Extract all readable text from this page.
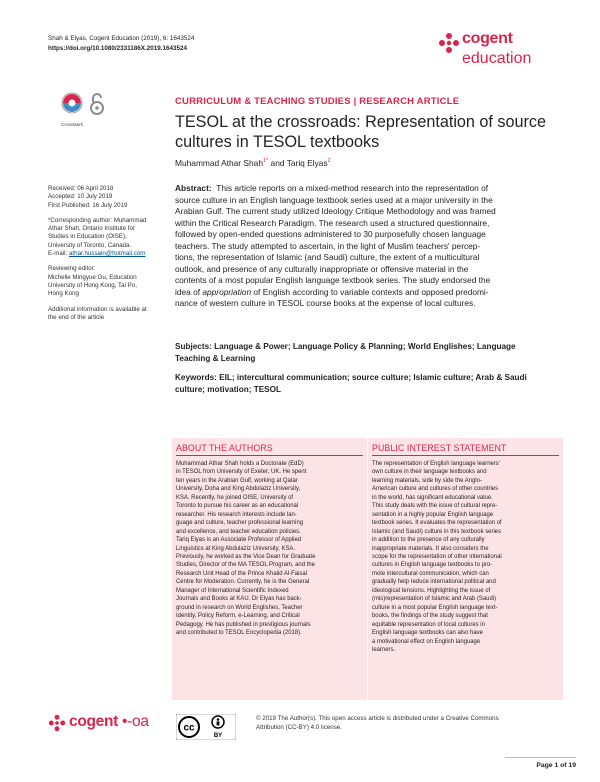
Shah & Elyas, Cogent Education (2019), 6: 1643524
https://doi.org/10.1080/2331186X.2019.1643524
cogent
education
CrossMark
CURRICULUM & TEACHING STUDIES | RESEARCH ARTICLE
TESOL at the crossroads: Representation of source
cultures in TESOL textbooks
Muhammad Athar Shah$^{1*}$ and Tariq Elyas$^2$
Received: 06 April 2018
Accepted: 10 July 2019
First Published: 16 July 2019
*Corresponding author: Muhammad
Athar Shah, Ontario Institute for
Studies in Education (OISE),
University of Toronto, Canada.
E-mail: athar.hussain@hotmail.com
Reviewing editor:
Michelle Mingyue Gu, Education
University of Hong Kong, Tai Po,
Hong Kong
Additional information is available at
the end of the article
Abstract: This article reports on a mixed-method research into the representation of
source culture in an English language textbook series used at a major university in the
Arabian Gulf. The current study utilized Ideology Critique Methodology and was framed
within the Critical Research Paradigm. The research used a structured questionnaire,
followed by open-ended questions administered to 30 purposefully chosen language
teachers. The study attempted to ascertain, in the light of Muslim teachers' percep-
tions, the representation of Islamic (and Saudi) culture, the extent of a multicultural
outlook, and presence of any culturally inappropriate or offensive material in the
contents of a most popular English language textbook series. The study endorsed the
idea of appropriation of English according to variable contexts and opposed predomi-
nance of western culture in TESOL course books at the expense of local cultures.
Subjects: Language & Power; Language Policy & Planning; World Englishes; Language
Teaching & Learning
Keywords: EIL; intercultural communication; source culture; Islamic culture; Arab & Saudi
culture; motivation; TESOL
ABOUT THE AUTHORS
Muhammad Athar Shah holds a Doctorate (EdD)
in TESOL from University of Exeter, UK. He spent
ten years in the Arabian Gulf, working at Qatar
University, Doha and King Abdulaziz University,
KSA. Recently, he joined OISE, University of
Toronto to pursue his career as an educational
researcher. His research interests include lan-
guage and culture, teacher professional learning
and excellence, and teacher education policies.
Tariq Elyas is an Associate Professor of Applied
Linguistics at King Abdulaziz University, KSA.
Previously, he worked as the Vice Dean for Graduate
Studies, Director of the MA TESOL Program, and the
Research Unit Head of the Prince Khalid Al-Faisal
Centre for Moderation. Currently, he is the General
Manager of International Scientific Indexed
Journals and Books at KAU. Dr Elyas has back-
ground in research on World Englishes, Teacher
Identity, Policy Reform, e-Learning, and Critical
Pedagogy. He has published in prestigious journals
and contributed to TESOL Encyclopedia (2018).
PUBLIC INTEREST STATEMENT
The representation of English language learners'
own culture in their language textbooks and
learning materials, side by side the Anglo-
American culture and cultures of other countries
in the world, has significant educational value.
This study deals with the issue of cultural repre-
sentation in a highly popular English language
textbook series. It evaluates the representation of
Islamic (and Saudi) culture in this textbook series
in addition to the presence of any culturally
inappropriate materials. It also considers the
scope for the representation of other international
cultures in English language textbooks to pro-
mote intercultural communication, which can
gradually help reduce international political and
ideological tensions. Highlighting the issue of
(mis)representation of Islamic and Arab (Saudi)
culture in a most popular English language text-
books, the findings of the study suggest that
equitable representation of local cultures in
English language textbooks can also have
a motivational effect on English language
learners.
cogent •-oa	cc
BY
© 2019 The Author(s). This open access article is distributed under a Creative Commons
Attribution (CC-BY) 4.0 license.
Page 1 of 19
